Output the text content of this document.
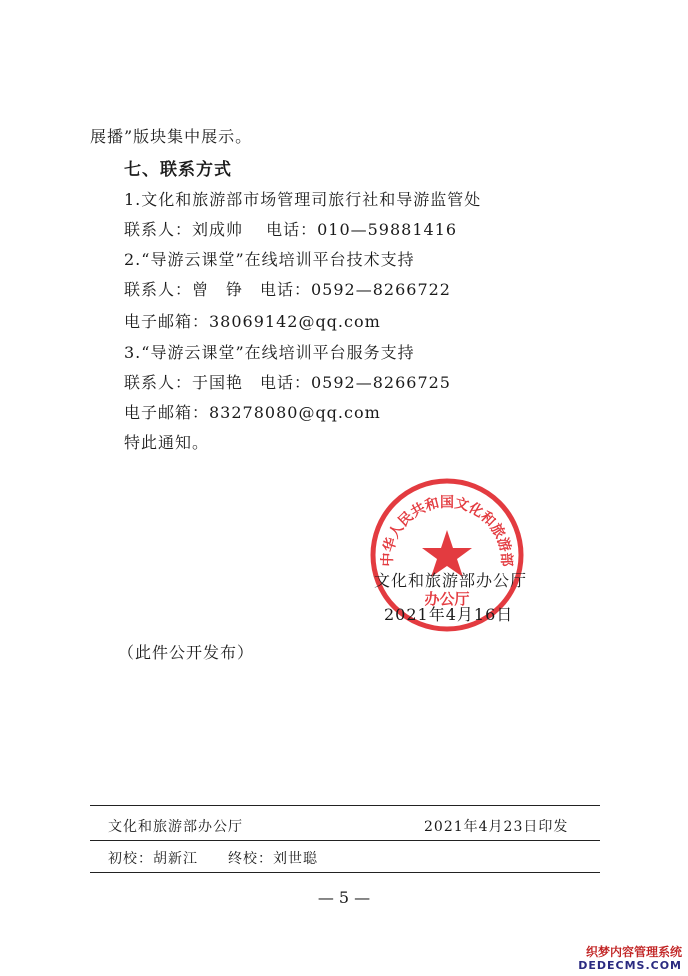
展播”版块集中展示。
七、联系方式
1.文化和旅游部市场管理司旅行社和导游监管处
联系人：刘成帅　 电话：010—59881416
2.“导游云课堂”在线培训平台技术支持
联系人：曾　铮　电话：0592—8266722
电子邮箱：38069142@qq.com
3.“导游云课堂”在线培训平台服务支持
联系人：于国艳　电话：0592—8266725
电子邮箱：83278080@qq.com
特此通知。
中华人民共和国文化和旅游部
办公厅
文化和旅游部办公厅
2021年4月16日
（此件公开发布）
文化和旅游部办公厅	2021年4月23日印发
初校：胡新江　　终校：刘世聪
— 5 —
织梦内容管理系统
DEDECMS.COM
